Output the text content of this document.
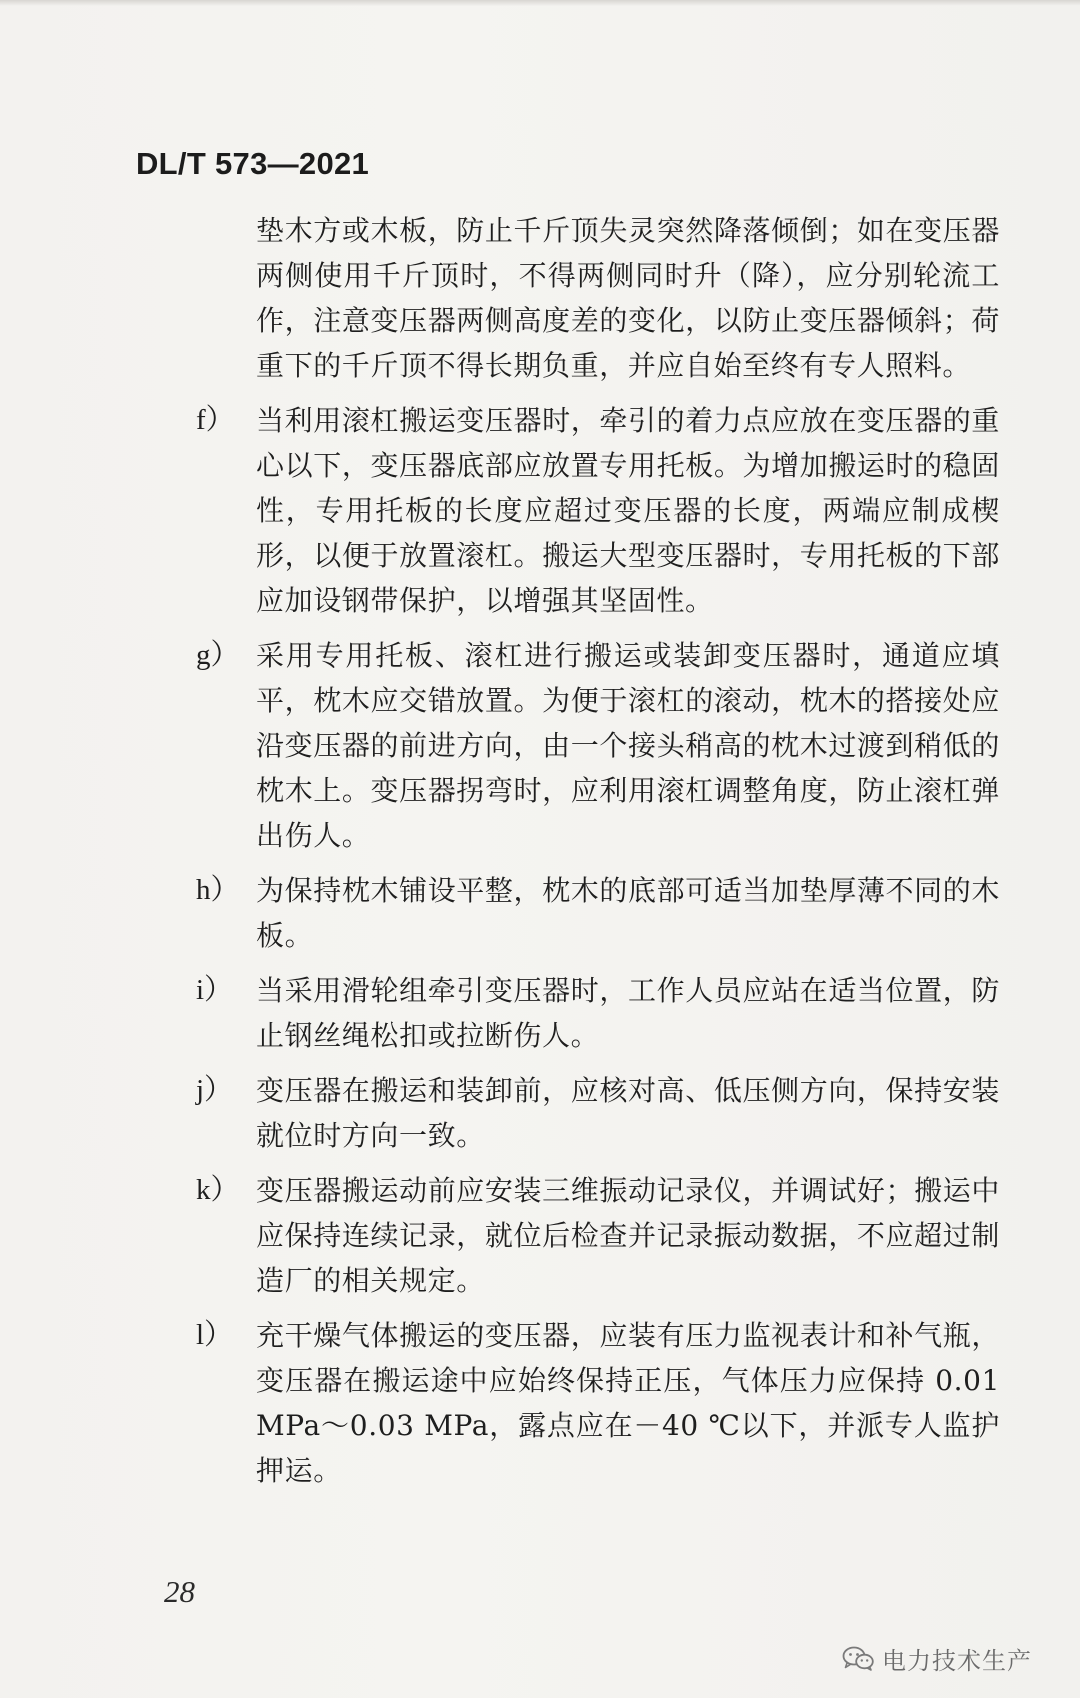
DL/T 573—2021
垫木方或木板，防止千斤顶失灵突然降落倾倒；如在变压器两侧使用千斤顶时，不得两侧同时升（降），应分别轮流工作，注意变压器两侧高度差的变化，以防止变压器倾斜；荷重下的千斤顶不得长期负重，并应自始至终有专人照料。
f） 当利用滚杠搬运变压器时，牵引的着力点应放在变压器的重心以下，变压器底部应放置专用托板。为增加搬运时的稳固性，专用托板的长度应超过变压器的长度，两端应制成楔形，以便于放置滚杠。搬运大型变压器时，专用托板的下部应加设钢带保护，以增强其坚固性。
g） 采用专用托板、滚杠进行搬运或装卸变压器时，通道应填平，枕木应交错放置。为便于滚杠的滚动，枕木的搭接处应沿变压器的前进方向，由一个接头稍高的枕木过渡到稍低的枕木上。变压器拐弯时，应利用滚杠调整角度，防止滚杠弹出伤人。
h） 为保持枕木铺设平整，枕木的底部可适当加垫厚薄不同的木板。
i） 当采用滑轮组牵引变压器时，工作人员应站在适当位置，防止钢丝绳松扣或拉断伤人。
j） 变压器在搬运和装卸前，应核对高、低压侧方向，保持安装就位时方向一致。
k） 变压器搬运动前应安装三维振动记录仪，并调试好；搬运中应保持连续记录，就位后检查并记录振动数据，不应超过制造厂的相关规定。
l） 充干燥气体搬运的变压器，应装有压力监视表计和补气瓶，变压器在搬运途中应始终保持正压，气体压力应保持 0.01 MPa～0.03 MPa，露点应在－40 ℃以下，并派专人监护押运。
28
电力技术生产
